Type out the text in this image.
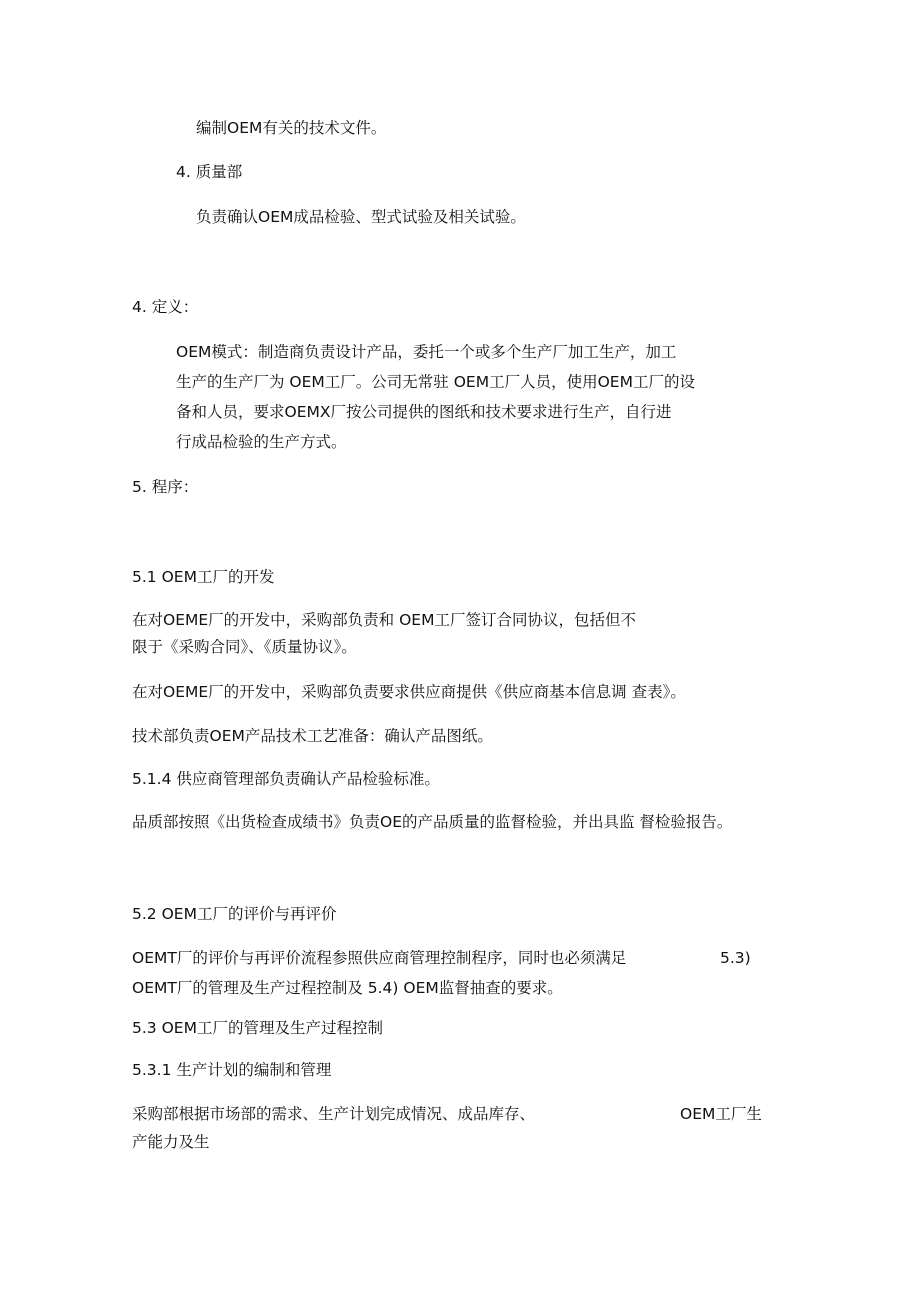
编制OEM有关的技术文件。
4. 质量部
负责确认OEM成品检验、型式试验及相关试验。
4. 定义：
OEM模式：制造商负责设计产品，委托一个或多个生产厂加工生产，加工
生产的生产厂为 OEM工厂。公司无常驻 OEM工厂人员，使用OEM工厂的设
备和人员，要求OEMX厂按公司提供的图纸和技术要求进行生产，自行进
行成品检验的生产方式。
5. 程序：
5.1 OEM工厂的开发
在对OEME厂的开发中，采购部负责和 OEM工厂签订合同协议，包括但不
限于《采购合同》、《质量协议》。
在对OEME厂的开发中，采购部负责要求供应商提供《供应商基本信息调 查表》。
技术部负责OEM产品技术工艺准备：确认产品图纸。
5.1.4 供应商管理部负责确认产品检验标准。
品质部按照《出货检查成绩书》负责OE的产品质量的监督检验，并出具监 督检验报告。
5.2 OEM工厂的评价与再评价
OEMT厂的评价与再评价流程参照供应商管理控制程序，同时也必须满足	5.3)
OEMT厂的管理及生产过程控制及 5.4) OEM监督抽查的要求。
5.3 OEM工厂的管理及生产过程控制
5.3.1 生产计划的编制和管理
采购部根据市场部的需求、生产计划完成情况、成品库存、	OEM工厂生
产能力及生
